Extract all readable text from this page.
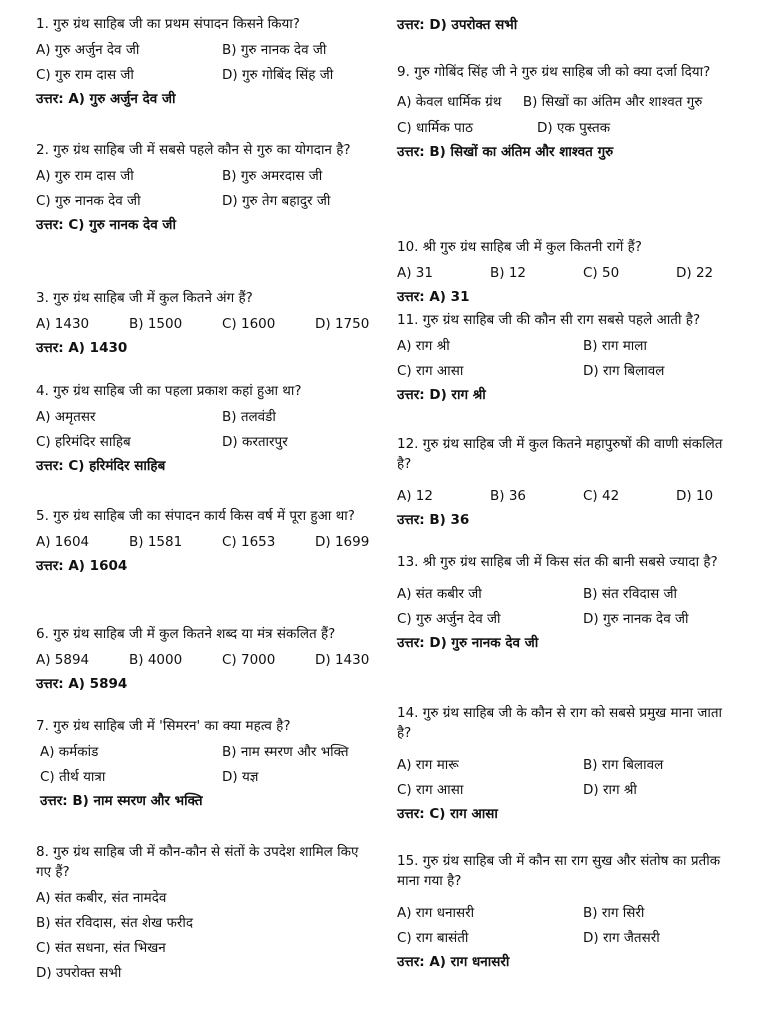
1. गुरु ग्रंथ साहिब जी का प्रथम संपादन किसने किया?

A) गुरु अर्जुन देव जी	B) गुरु नानक देव जी
C) गुरु राम दास जी	D) गुरु गोबिंद सिंह जी
उत्तर: A) गुरु अर्जुन देव जी

2. गुरु ग्रंथ साहिब जी में सबसे पहले कौन से गुरु का योगदान है?

A) गुरु राम दास जी	B) गुरु अमरदास जी
C) गुरु नानक देव जी	D) गुरु तेग बहादुर जी
उत्तर: C) गुरु नानक देव जी

3. गुरु ग्रंथ साहिब जी में कुल कितने अंग हैं?

A) 1430	B) 1500	C) 1600	D) 1750
उत्तर: A) 1430

4. गुरु ग्रंथ साहिब जी का पहला प्रकाश कहां हुआ था?

A) अमृतसर	B) तलवंडी
C) हरिमंदिर साहिब	D) करतारपुर
उत्तर: C) हरिमंदिर साहिब

5. गुरु ग्रंथ साहिब जी का संपादन कार्य किस वर्ष में पूरा हुआ था?

A) 1604	B) 1581	C) 1653	D) 1699
उत्तर: A) 1604

6. गुरु ग्रंथ साहिब जी में कुल कितने शब्द या मंत्र संकलित हैं?

A) 5894	B) 4000	C) 7000	D) 1430
उत्तर: A) 5894

7. गुरु ग्रंथ साहिब जी में 'सिमरन' का क्या महत्व है?

A) कर्मकांड	B) नाम स्मरण और भक्ति
C) तीर्थ यात्रा	D) यज्ञ
उत्तर: B) नाम स्मरण और भक्ति

8. गुरु ग्रंथ साहिब जी में कौन-कौन से संतों के उपदेश शामिल किए गए हैं?

A) संत कबीर, संत नामदेव
B) संत रविदास, संत शेख फरीद
C) संत सधना, संत भिखन
D) उपरोक्त सभी
उत्तर: D) उपरोक्त सभी

9. गुरु गोबिंद सिंह जी ने गुरु ग्रंथ साहिब जी को क्या दर्जा दिया?

A) केवल धार्मिक ग्रंथ B) सिखों का अंतिम और शाश्वत गुरु
C) धार्मिक पाठ	D) एक पुस्तक
उत्तर: B) सिखों का अंतिम और शाश्वत गुरु

10. श्री गुरु ग्रंथ साहिब जी में कुल कितनी रागें हैं?

A) 31	B) 12	C) 50	D) 22
उत्तर: A) 31

11. गुरु ग्रंथ साहिब जी की कौन सी राग सबसे पहले आती है?

A) राग श्री	B) राग माला
C) राग आसा	D) राग बिलावल
उत्तर: D) राग श्री

12. गुरु ग्रंथ साहिब जी में कुल कितने महापुरुषों की वाणी संकलित है?

A) 12	B) 36	C) 42	D) 10
उत्तर: B) 36

13. श्री गुरु ग्रंथ साहिब जी में किस संत की बानी सबसे ज्यादा है?

A) संत कबीर जी	B) संत रविदास जी
C) गुरु अर्जुन देव जी	D) गुरु नानक देव जी
उत्तर: D) गुरु नानक देव जी

14. गुरु ग्रंथ साहिब जी के कौन से राग को सबसे प्रमुख माना जाता है?

A) राग मारू	B) राग बिलावल
C) राग आसा	D) राग श्री
उत्तर: C) राग आसा

15. गुरु ग्रंथ साहिब जी में कौन सा राग सुख और संतोष का प्रतीक माना गया है?

A) राग धनासरी	B) राग सिरी
C) राग बासंती	D) राग जैतसरी
उत्तर: A) राग धनासरी
